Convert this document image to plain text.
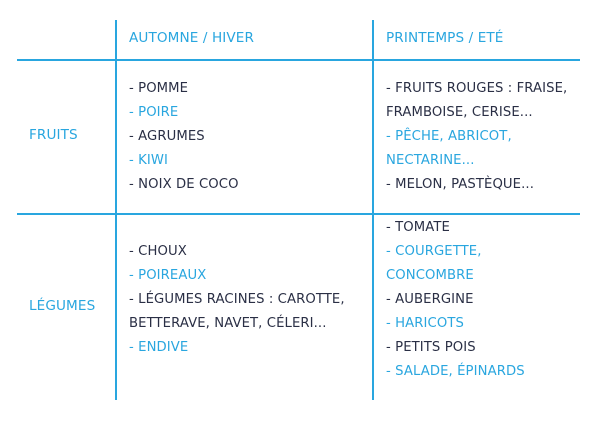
AUTOMNE / HIVER	PRINTEMPS / ETÉ
FRUITS
LÉGUMES
- POMME
- POIRE
- AGRUMES
- KIWI
- NOIX DE COCO
- FRUITS ROUGES : FRAISE,
FRAMBOISE, CERISE...
- PÊCHE, ABRICOT,
NECTARINE...
- MELON, PASTÈQUE...
- CHOUX
- POIREAUX
- LÉGUMES RACINES : CAROTTE,
BETTERAVE, NAVET, CÉLERI...
- ENDIVE
- TOMATE
- COURGETTE,
CONCOMBRE
- AUBERGINE
- HARICOTS
- PETITS POIS
- SALADE, ÉPINARDS
